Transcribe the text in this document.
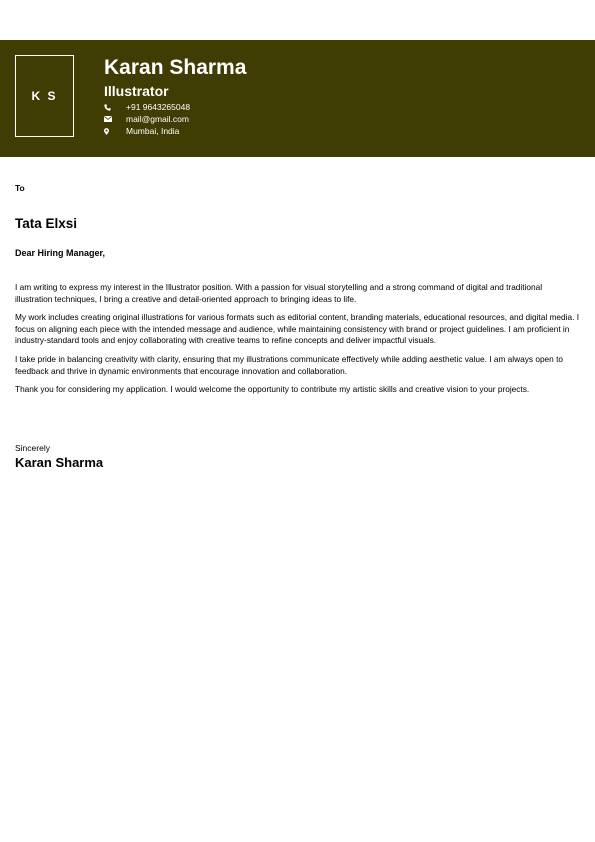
K S
Karan Sharma
Illustrator
+91 9643265048
mail@gmail.com
Mumbai, India
To
Tata Elxsi
Dear Hiring Manager,

I am writing to express my interest in the Illustrator position. With a passion for visual storytelling and a strong command of digital and traditional illustration techniques, I bring a creative and detail-oriented approach to bringing ideas to life.

My work includes creating original illustrations for various formats such as editorial content, branding materials, educational resources, and digital media. I focus on aligning each piece with the intended message and audience, while maintaining consistency with brand or project guidelines. I am proficient in industry-standard tools and enjoy collaborating with creative teams to refine concepts and deliver impactful visuals.

I take pride in balancing creativity with clarity, ensuring that my illustrations communicate effectively while adding aesthetic value. I am always open to feedback and thrive in dynamic environments that encourage innovation and collaboration.

Thank you for considering my application. I would welcome the opportunity to contribute my artistic skills and creative vision to your projects.

Sincerely
Karan Sharma
